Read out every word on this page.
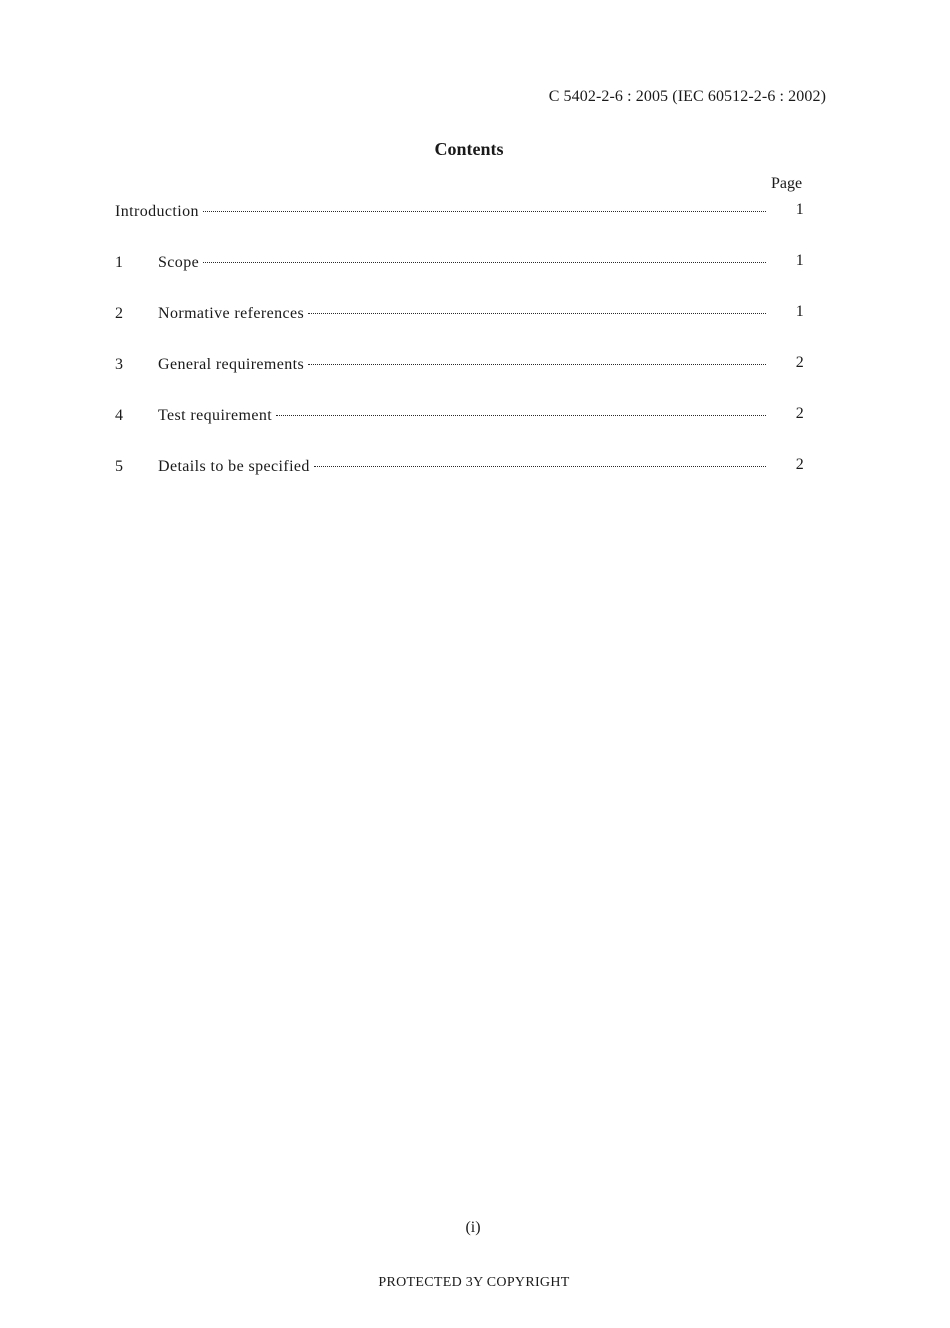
C 5402-2-6 : 2005 (IEC 60512-2-6 : 2002)
Contents
Page
Introduction	1
1 Scope	1
2 Normative references	1
3 General requirements	2
4 Test requirement	2
5 Details to be specified	2
(i)
PROTECTED 3Y COPYRIGHT
